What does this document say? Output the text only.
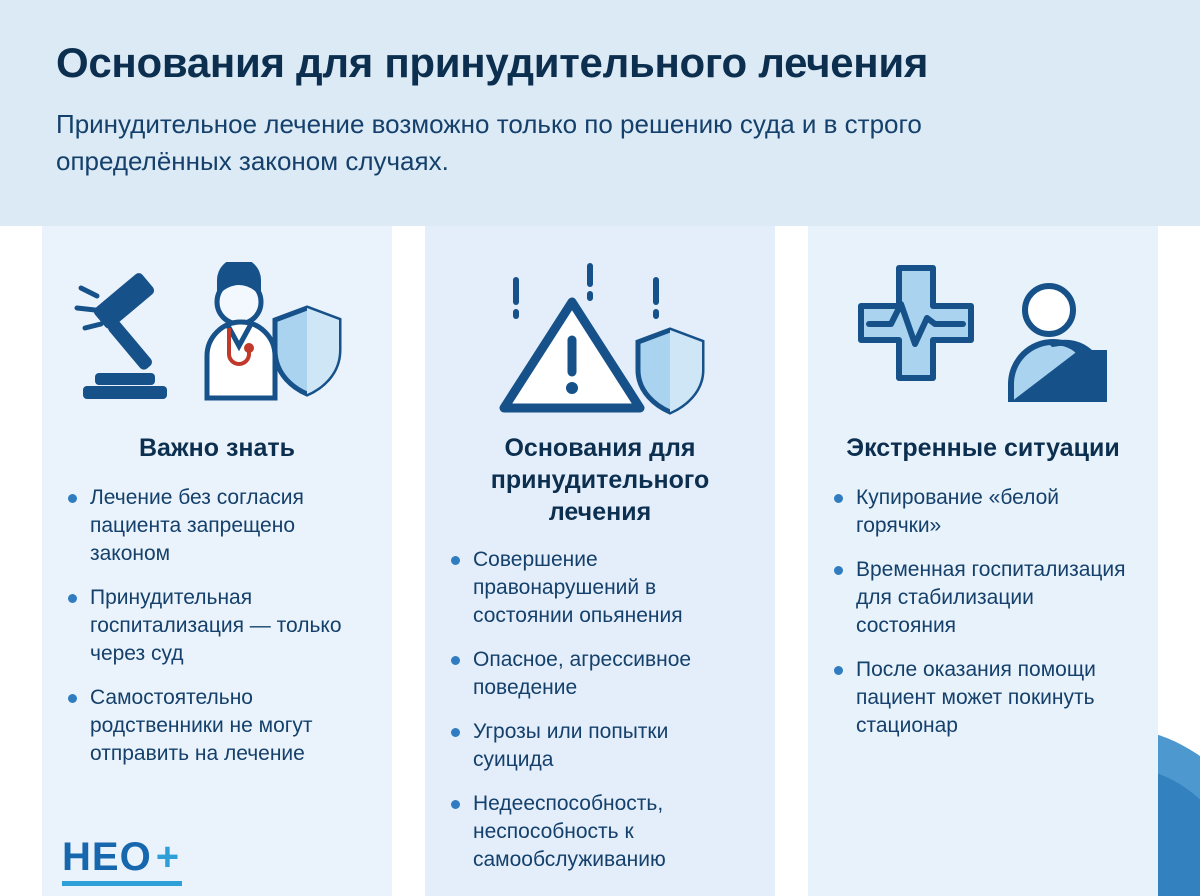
Основания для принудительного лечения

Принудительное лечение возможно только по решению суда и в строго определённых законом случаях.

Важно знать
Лечение без согласия пациента запрещено законом
Принудительная госпитализация — только через суд
Самостоятельно родственники не могут отправить на лечение
Основания для принудительного лечения
Совершение правонарушений в состоянии опьянения
Опасное, агрессивное поведение
Угрозы или попытки суицида
Недееспособность, неспособность к самообслуживанию
Экстренные ситуации
Купирование «белой горячки»
Временная госпитализация для стабилизации состояния
После оказания помощи пациент может покинуть стационар
НЕО +
